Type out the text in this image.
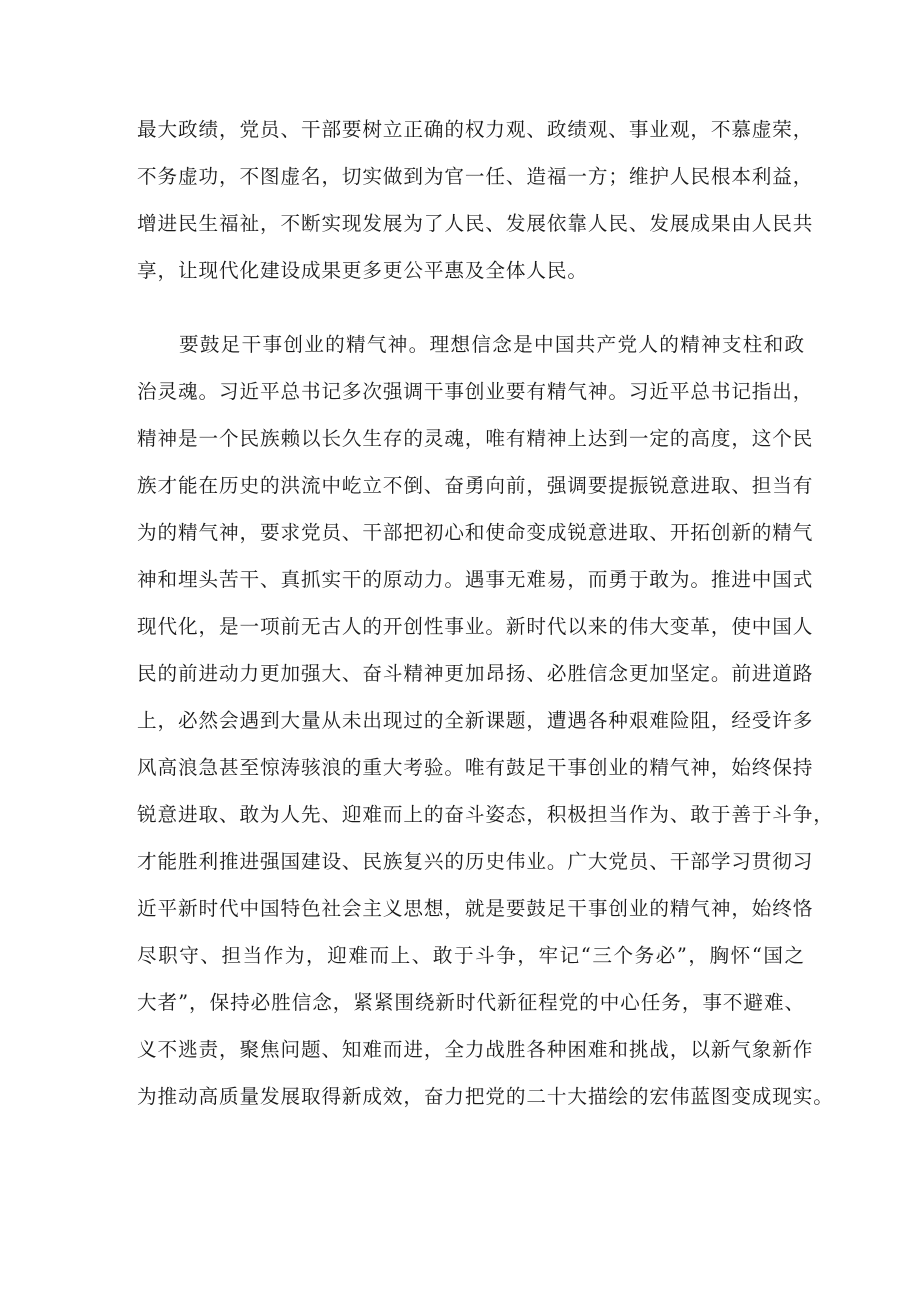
最大政绩，党员、干部要树立正确的权力观、政绩观、事业观，不慕虚荣，
不务虚功，不图虚名，切实做到为官一任、造福一方；维护人民根本利益，
增进民生福祉，不断实现发展为了人民、发展依靠人民、发展成果由人民共
享，让现代化建设成果更多更公平惠及全体人民。
要鼓足干事创业的精气神。理想信念是中国共产党人的精神支柱和政
治灵魂。习近平总书记多次强调干事创业要有精气神。习近平总书记指出，
精神是一个民族赖以长久生存的灵魂，唯有精神上达到一定的高度，这个民
族才能在历史的洪流中屹立不倒、奋勇向前，强调要提振锐意进取、担当有
为的精气神，要求党员、干部把初心和使命变成锐意进取、开拓创新的精气
神和埋头苦干、真抓实干的原动力。遇事无难易，而勇于敢为。推进中国式
现代化，是一项前无古人的开创性事业。新时代以来的伟大变革，使中国人
民的前进动力更加强大、奋斗精神更加昂扬、必胜信念更加坚定。前进道路
上，必然会遇到大量从未出现过的全新课题，遭遇各种艰难险阻，经受许多
风高浪急甚至惊涛骇浪的重大考验。唯有鼓足干事创业的精气神，始终保持
锐意进取、敢为人先、迎难而上的奋斗姿态，积极担当作为、敢于善于斗争，
才能胜利推进强国建设、民族复兴的历史伟业。广大党员、干部学习贯彻习
近平新时代中国特色社会主义思想，就是要鼓足干事创业的精气神，始终恪
尽职守、担当作为，迎难而上、敢于斗争，牢记“三个务必”，胸怀“国之
大者”，保持必胜信念，紧紧围绕新时代新征程党的中心任务，事不避难、
义不逃责，聚焦问题、知难而进，全力战胜各种困难和挑战，以新气象新作
为推动高质量发展取得新成效，奋力把党的二十大描绘的宏伟蓝图变成现实。
